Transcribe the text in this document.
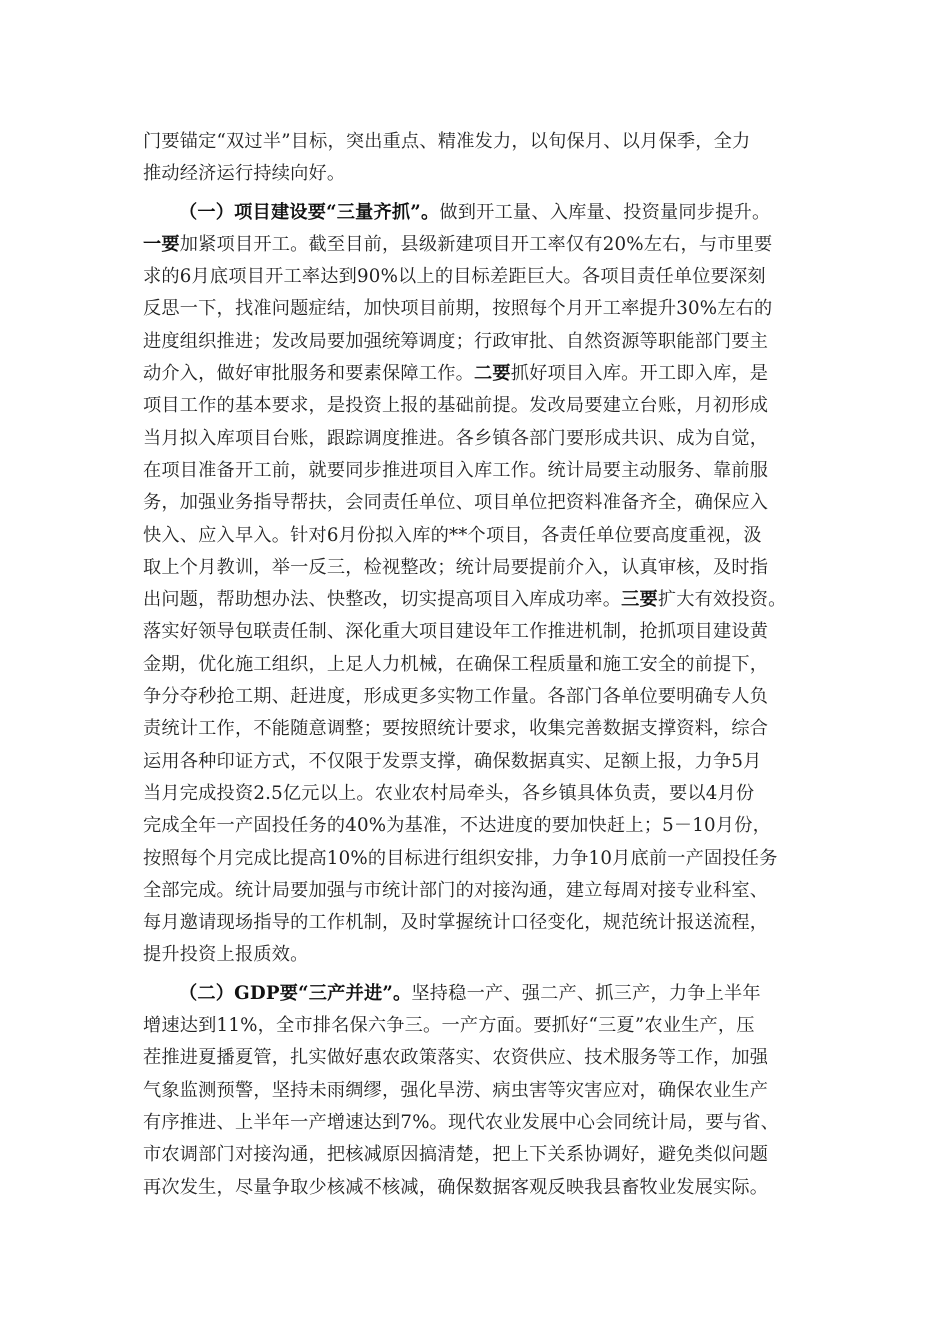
门要锚定“双过半”目标，突出重点、精准发力，以旬保月、以月保季，全力
推动经济运行持续向好。
（一）项目建设要“三量齐抓”。做到开工量、入库量、投资量同步提升。
一要加紧项目开工。截至目前，县级新建项目开工率仅有20%左右，与市里要
求的6月底项目开工率达到90%以上的目标差距巨大。各项目责任单位要深刻
反思一下，找准问题症结，加快项目前期，按照每个月开工率提升30%左右的
进度组织推进；发改局要加强统筹调度；行政审批、自然资源等职能部门要主
动介入，做好审批服务和要素保障工作。二要抓好项目入库。开工即入库，是
项目工作的基本要求，是投资上报的基础前提。发改局要建立台账，月初形成
当月拟入库项目台账，跟踪调度推进。各乡镇各部门要形成共识、成为自觉，
在项目准备开工前，就要同步推进项目入库工作。统计局要主动服务、靠前服
务，加强业务指导帮扶，会同责任单位、项目单位把资料准备齐全，确保应入
快入、应入早入。针对6月份拟入库的**个项目，各责任单位要高度重视，汲
取上个月教训，举一反三，检视整改；统计局要提前介入，认真审核，及时指
出问题，帮助想办法、快整改，切实提高项目入库成功率。三要扩大有效投资。
落实好领导包联责任制、深化重大项目建设年工作推进机制，抢抓项目建设黄
金期，优化施工组织，上足人力机械，在确保工程质量和施工安全的前提下，
争分夺秒抢工期、赶进度，形成更多实物工作量。各部门各单位要明确专人负
责统计工作，不能随意调整；要按照统计要求，收集完善数据支撑资料，综合
运用各种印证方式，不仅限于发票支撑，确保数据真实、足额上报，力争5月
当月完成投资2.5亿元以上。农业农村局牵头，各乡镇具体负责，要以4月份
完成全年一产固投任务的40%为基准，不达进度的要加快赶上；5－10月份，
按照每个月完成比提高10%的目标进行组织安排，力争10月底前一产固投任务
全部完成。统计局要加强与市统计部门的对接沟通，建立每周对接专业科室、
每月邀请现场指导的工作机制，及时掌握统计口径变化，规范统计报送流程，
提升投资上报质效。
（二）GDP要“三产并进”。坚持稳一产、强二产、抓三产，力争上半年
增速达到11%，全市排名保六争三。一产方面。要抓好“三夏”农业生产，压
茬推进夏播夏管，扎实做好惠农政策落实、农资供应、技术服务等工作，加强
气象监测预警，坚持未雨绸缪，强化旱涝、病虫害等灾害应对，确保农业生产
有序推进、上半年一产增速达到7%。现代农业发展中心会同统计局，要与省、
市农调部门对接沟通，把核减原因搞清楚，把上下关系协调好，避免类似问题
再次发生，尽量争取少核减不核减，确保数据客观反映我县畜牧业发展实际。
